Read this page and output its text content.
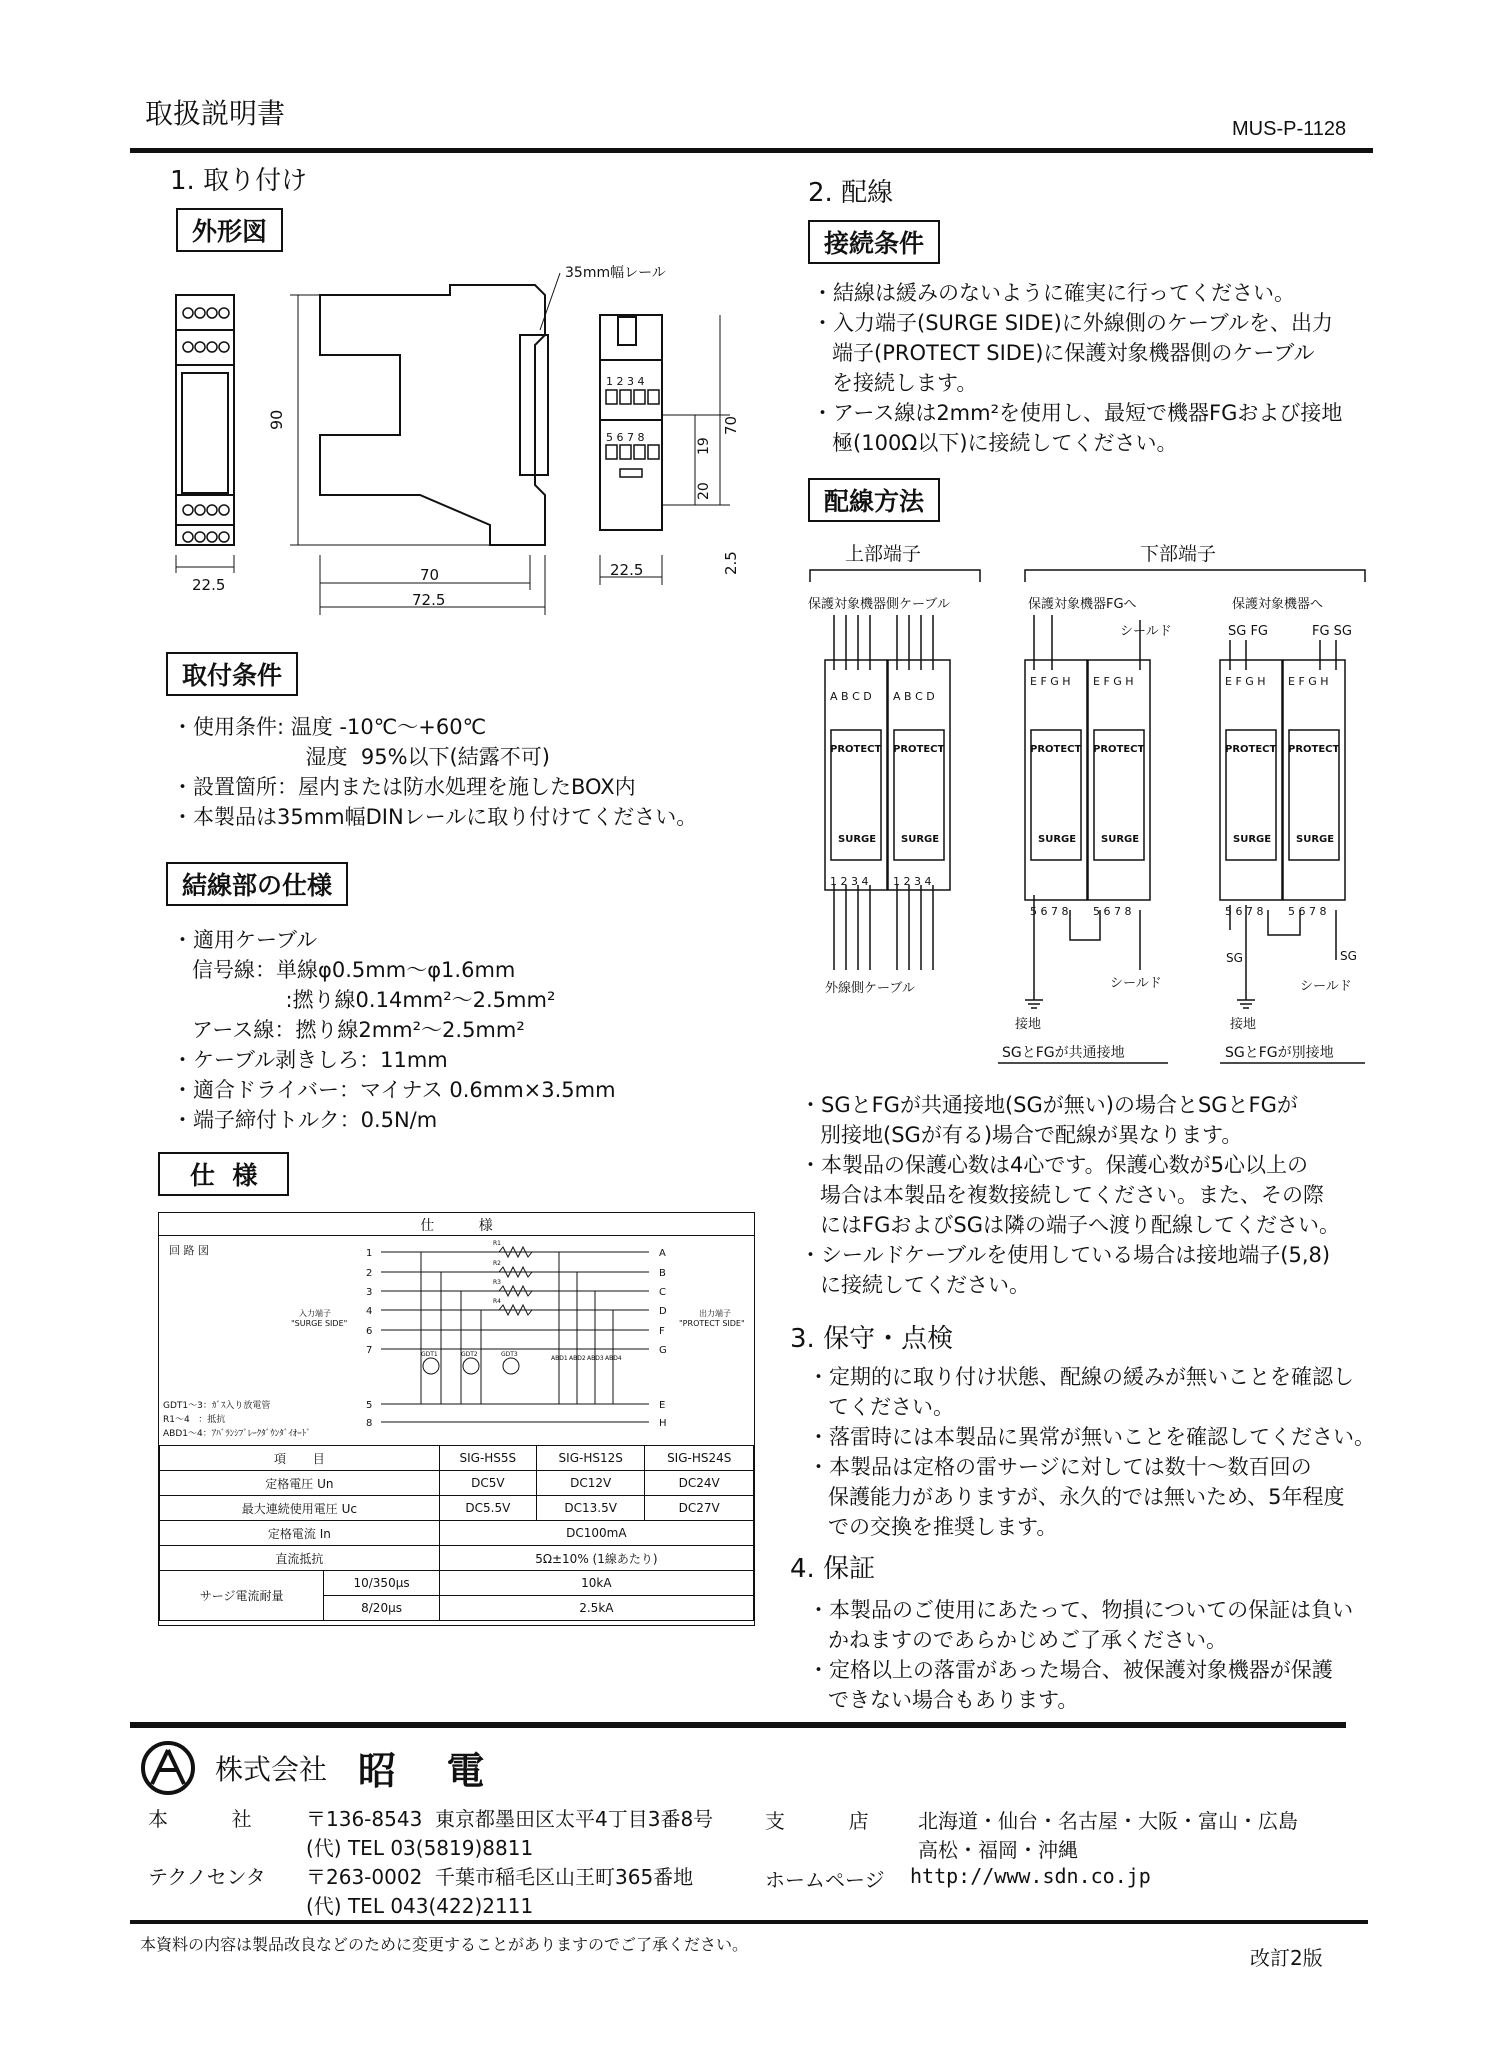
取扱説明書	MUS-P-1128
1. 取り付け
外形図
35mm幅レール
90
22.5
70
72.5
1 2 3 4
5 6 7 8	19
20
70
2.5
22.5
取付条件
・使用条件: 温度 -10℃～+60℃
湿度  95%以下(結露不可)
・設置箇所：屋内または防水処理を施したBOX内
・本製品は35mm幅DINレールに取り付けてください。
結線部の仕様
・適用ケーブル
信号線：単線φ0.5mm～φ1.6mm
:撚り線0.14mm²～2.5mm²
アース線：撚り線2mm²～2.5mm²
・ケーブル剥きしろ：11mm
・適合ドライバー：マイナス 0.6mm×3.5mm
・端子締付トルク：0.5N/m
仕  様
仕          様
回 路 図
入力端子
"SURGE SIDE"
出力端子
"PROTECT SIDE"
1
2
3
4
6
7
5
8
A
B
C
D
F
G
E
H
GDT1	GDT2	GDT3
ABD1 ABD2 ABD3 ABD4
R1
R2
R3
R4
GDT1～3：ｶﾞｽ入り放電管
R1～4   ：抵抗
ABD1～4：ｱﾊﾞﾗﾝｼﾌﾞﾚｰｸﾀﾞｳﾝﾀﾞｲｵｰﾄﾞ
項       目		SIG-HS5S	SIG-HS12S	SIG-HS24S
定格電圧 Un		DC5V	DC12V	DC24V
最大連続使用電圧 Uc		DC5.5V	DC13.5V	DC27V
定格電流 In		DC100mA		
直流抵抗		5Ω±10% (1線あたり)		
サージ電流耐量	10/350μs	10kA		
	8/20μs	2.5kA		
2. 配線
接続条件
・結線は緩みのないように確実に行ってください。
・入力端子(SURGE SIDE)に外線側のケーブルを、出力
端子(PROTECT SIDE)に保護対象機器側のケーブル
を接続します。
・アース線は2mm²を使用し、最短で機器FGおよび接地
極(100Ω以下)に接続してください。
配線方法
上部端子	下部端子
保護対象機器側ケーブル	保護対象機器FGへ	保護対象機器へ
シールド	SG FG	FG SG
A B C D A B C D
E F G H E F G H	E F G H E F G H
1 2 3 4 1 2 3 4
5 6 7 8 5 6 7 8	5 6 7 8 5 6 7 8
PROTECT PROTECT	PROTECT PROTECT	PROTECT PROTECT
SURGE SURGE	SURGE SURGE	SURGE SURGE
外線側ケーブル	シールド	シールド
SG	SG
接地	接地
SGとFGが共通接地	SGとFGが別接地
・SGとFGが共通接地(SGが無い)の場合とSGとFGが
別接地(SGが有る)場合で配線が異なります。
・本製品の保護心数は4心です。保護心数が5心以上の
場合は本製品を複数接続してください。また、その際
にはFGおよびSGは隣の端子へ渡り配線してください。
・シールドケーブルを使用している場合は接地端子(5,8)
に接続してください。
3. 保守・点検
・定期的に取り付け状態、配線の緩みが無いことを確認し
てください。
・落雷時には本製品に異常が無いことを確認してください。
・本製品は定格の雷サージに対しては数十～数百回の
保護能力がありますが、永久的では無いため、5年程度
での交換を推奨します。
4. 保証
・本製品のご使用にあたって、物損についての保証は負い
かねますのであらかじめご了承ください。
・定格以上の落雷があった場合、被保護対象機器が保護
できない場合もあります。
株式会社 昭  電
本          社	〒136-8543  東京都墨田区太平4丁目3番8号
(代) TEL 03(5819)8811
テクノセンタ 〒263-0002  千葉市稲毛区山王町365番地
(代) TEL 043(422)2111
支          店 北海道・仙台・名古屋・大阪・富山・広島
高松・福岡・沖縄
ホームページ http://www.sdn.co.jp
本資料の内容は製品改良などのために変更することがありますのでご了承ください。
改訂2版
